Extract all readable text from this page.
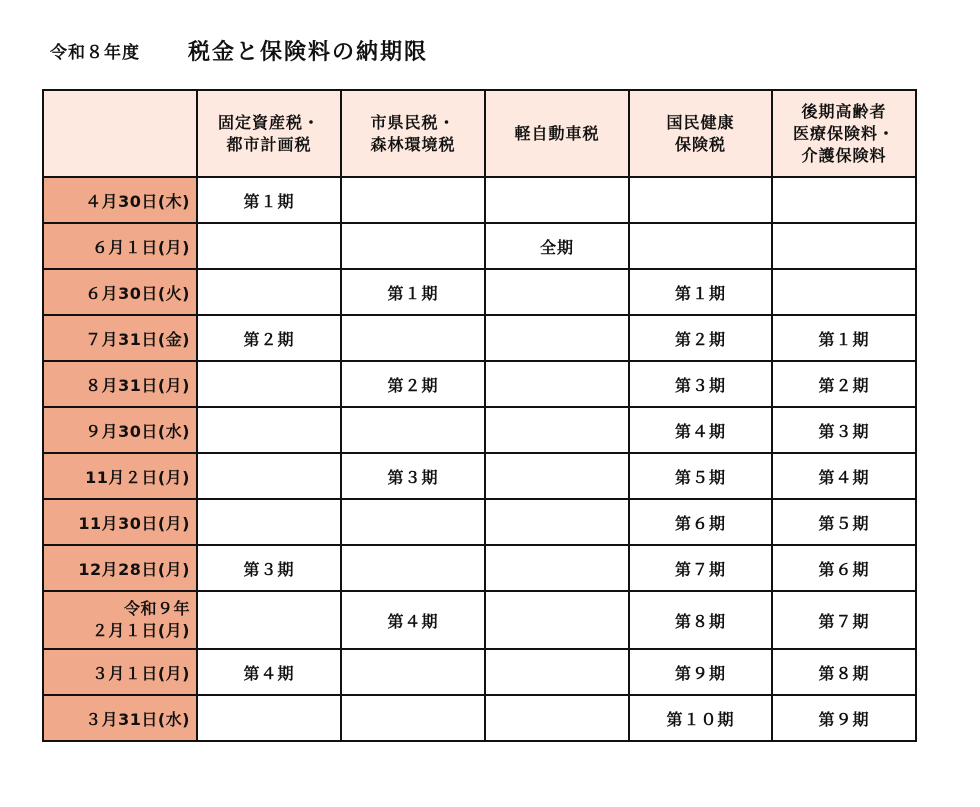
令和８年度 税金と保険料の納期限

	固定資産税・
都市計画税	市県民税・
森林環境税	軽自動車税	国民健康
保険税	後期高齢者
医療保険料・
介護保険料

４月30日(木)	第１期				
６月１日(月)			全期		
６月30日(火)		第１期		第１期	
７月31日(金)	第２期			第２期	第１期
８月31日(月)		第２期		第３期	第２期
９月30日(水)				第４期	第３期
11月２日(月)		第３期		第５期	第４期
11月30日(月)				第６期	第５期
12月28日(月)	第３期			第７期	第６期

令和９年
２月１日(月)		第４期		第８期	第７期
３月１日(月)	第４期			第９期	第８期
３月31日(水)				第１０期	第９期
